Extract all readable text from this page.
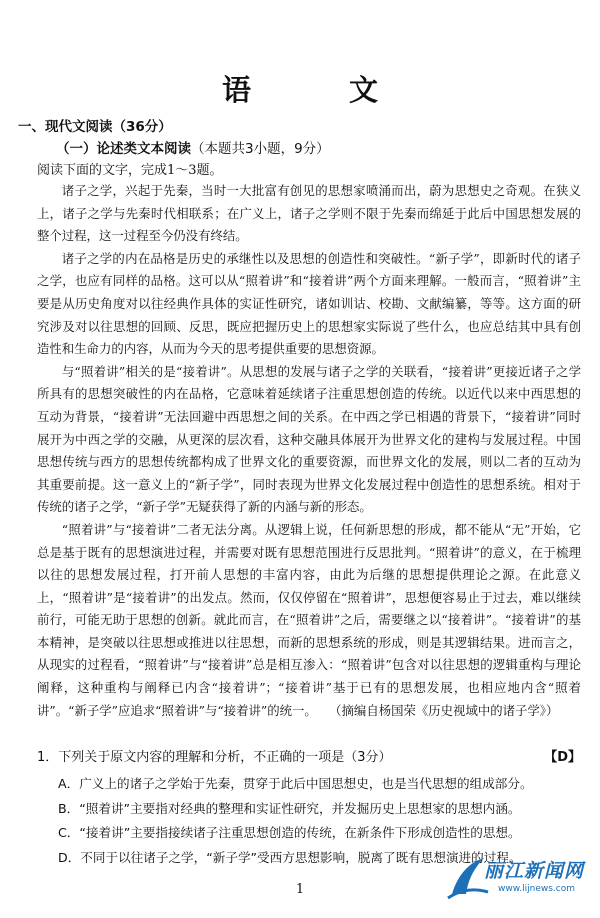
语 文
一、现代文阅读（36分）
（一）论述类文本阅读（本题共3小题，9分）
阅读下面的文字，完成1～3题。

诸子之学，兴起于先秦，当时一大批富有创见的思想家喷涌而出，蔚为思想史之奇观。在狭义上，诸子之学与先秦时代相联系；在广义上，诸子之学则不限于先秦而绵延于此后中国思想发展的整个过程，这一过程至今仍没有终结。

诸子之学的内在品格是历史的承继性以及思想的创造性和突破性。“新子学”，即新时代的诸子之学，也应有同样的品格。这可以从“照着讲”和“接着讲”两个方面来理解。一般而言，“照着讲”主要是从历史角度对以往经典作具体的实证性研究，诸如训诂、校勘、文献编纂，等等。这方面的研究涉及对以往思想的回顾、反思，既应把握历史上的思想家实际说了些什么，也应总结其中具有创造性和生命力的内容，从而为今天的思考提供重要的思想资源。

与“照着讲”相关的是“接着讲”。从思想的发展与诸子之学的关联看，“接着讲”更接近诸子之学所具有的思想突破性的内在品格，它意味着延续诸子注重思想创造的传统。以近代以来中西思想的互动为背景，“接着讲”无法回避中西思想之间的关系。在中西之学已相遇的背景下，“接着讲”同时展开为中西之学的交融，从更深的层次看，这种交融具体展开为世界文化的建构与发展过程。中国思想传统与西方的思想传统都构成了世界文化的重要资源，而世界文化的发展，则以二者的互动为其重要前提。这一意义上的“新子学”，同时表现为世界文化发展过程中创造性的思想系统。相对于传统的诸子之学，“新子学”无疑获得了新的内涵与新的形态。

“照着讲”与“接着讲”二者无法分离。从逻辑上说，任何新思想的形成，都不能从“无”开始，它总是基于既有的思想演进过程，并需要对既有思想范围进行反思批判。“照着讲”的意义，在于梳理以往的思想发展过程，打开前人思想的丰富内容，由此为后继的思想提供理论之源。在此意义上，“照着讲”是“接着讲”的出发点。然而，仅仅停留在“照着讲”，思想便容易止于过去，难以继续前行，可能无助于思想的创新。就此而言，在“照着讲”之后，需要继之以“接着讲”。“接着讲”的基本精神，是突破以往思想或推进以往思想，而新的思想系统的形成，则是其逻辑结果。进而言之，从现实的过程看，“照着讲”与“接着讲”总是相互渗入：“照着讲”包含对以往思想的逻辑重构与理论阐释，这种重构与阐释已内含“接着讲”；“接着讲”基于已有的思想发展，也相应地内含“照着讲”。“新子学”应追求“照着讲”与“接着讲”的统一。　　（摘编自杨国荣《历史视域中的诸子学》）

1．下列关于原文内容的理解和分析，不正确的一项是（3分）	【D】
A．广义上的诸子之学始于先秦，贯穿于此后中国思想史，也是当代思想的组成部分。
B．“照着讲”主要指对经典的整理和实证性研究，并发掘历史上思想家的思想内涵。
C．“接着讲”主要指接续诸子注重思想创造的传统，在新条件下形成创造性的思想。
D．不同于以往诸子之学，“新子学”受西方思想影响，脱离了既有思想演进的过程。
1
丽江新闻网
www.lijnews.com
